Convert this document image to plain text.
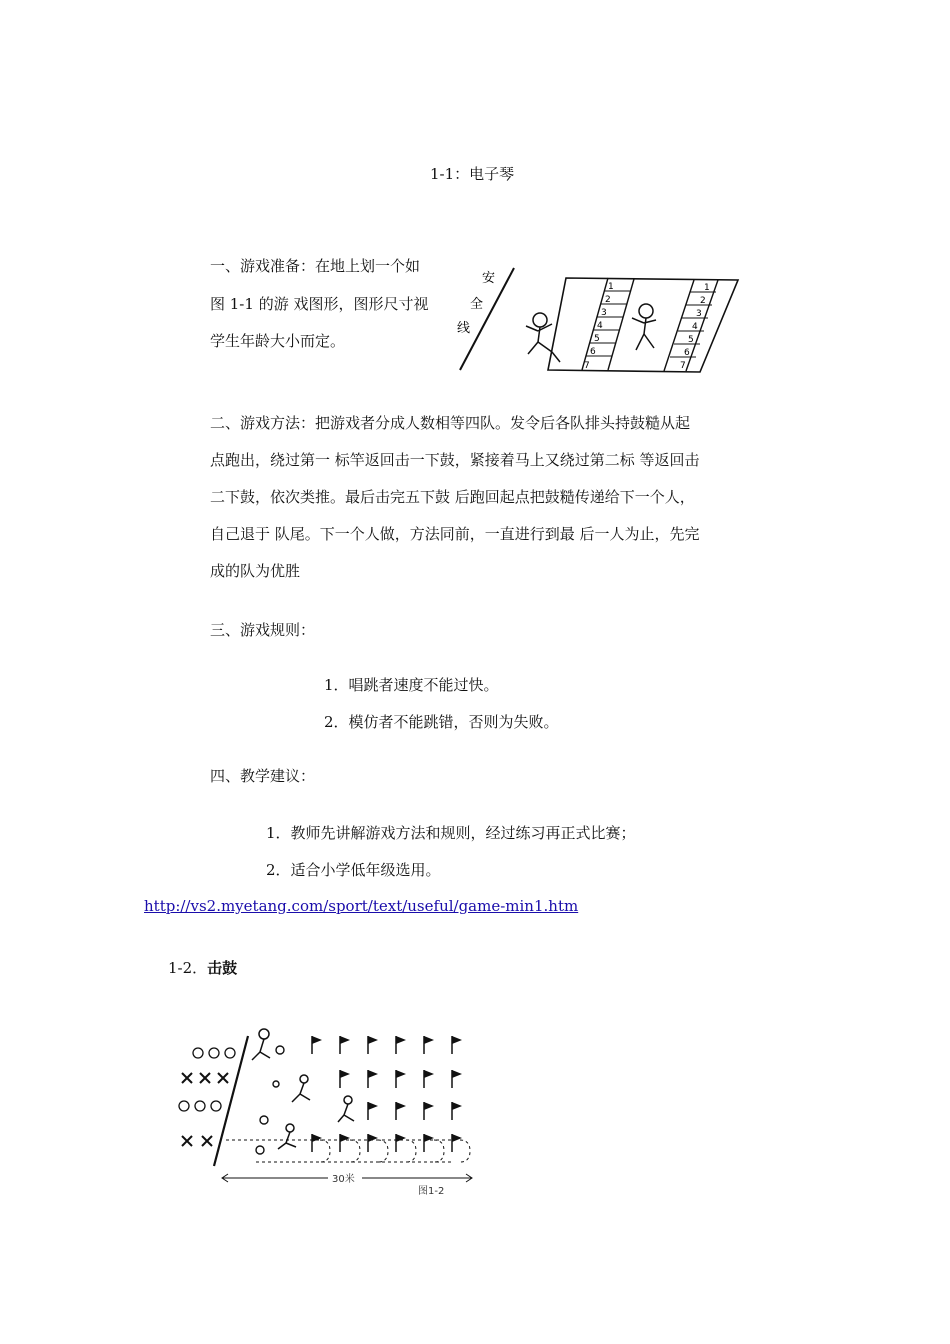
1-1：电子琴
一、游戏准备：在地上划一个如
图 1-1 的游 戏图形，图形尺寸视
学生年龄大小而定。
安
全
线
1
2
3
4
5
6
7
1
2
3
4
5
6
7
二、游戏方法：把游戏者分成人数相等四队。发令后各队排头持鼓糙从起
点跑出，绕过第一 标竿返回击一下鼓，紧接着马上又绕过第二标 等返回击
二下鼓，依次类推。最后击完五下鼓 后跑回起点把鼓糙传递给下一个人，
自己退于 队尾。下一个人做，方法同前，一直进行到最 后一人为止，先完
成的队为优胜
三、游戏规则：
1．唱跳者速度不能过快。
2．模仿者不能跳错，否则为失败。
四、教学建议：
1．教师先讲解游戏方法和规则，经过练习再正式比赛；
2．适合小学低年级选用。
http://vs2.myetang.com/sport/text/useful/game-min1.htm
1-2．击鼓
30米
图1-2
